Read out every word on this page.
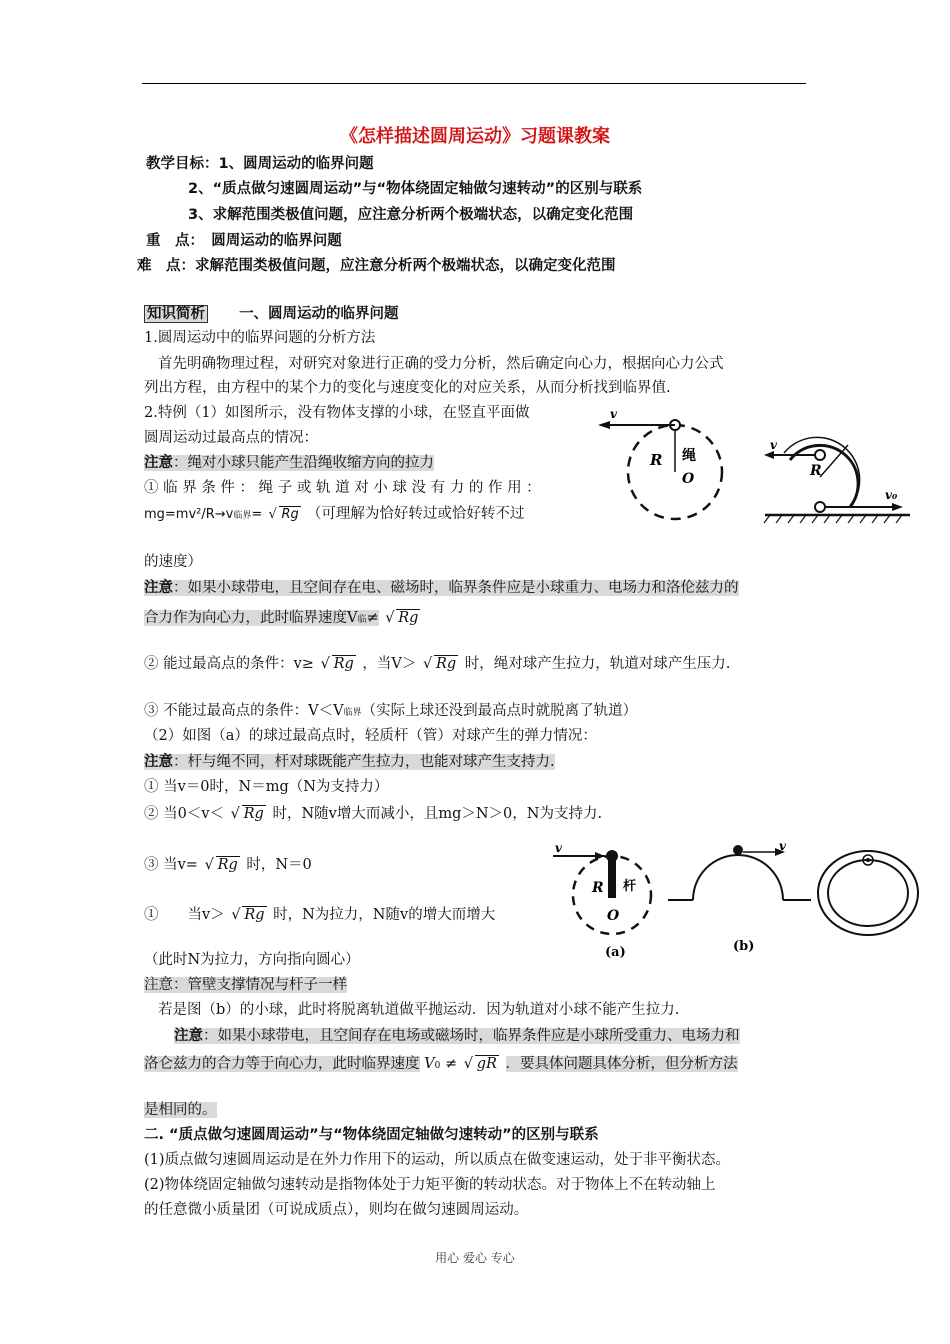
《怎样描述圆周运动》习题课教案
教学目标：1、圆周运动的临界问题
2、“质点做匀速圆周运动”与“物体绕固定轴做匀速转动”的区别与联系
3、求解范围类极值问题，应注意分析两个极端状态，以确定变化范围
重　点：　圆周运动的临界问题
难　点：求解范围类极值问题，应注意分析两个极端状态，以确定变化范围
知识简析 一、圆周运动的临界问题
1.圆周运动中的临界问题的分析方法
首先明确物理过程，对研究对象进行正确的受力分析，然后确定向心力，根据向心力公式
列出方程，由方程中的某个力的变化与速度变化的对应关系，从而分析找到临界值.
2.特例（1）如图所示，没有物体支撑的小球，在竖直平面做
圆周运动过最高点的情况：
注意：绳对小球只能产生沿绳收缩方向的拉力
① 临 界 条 件 ： 绳 子 或 轨 道 对 小 球 没 有 力 的 作 用 ：
mg=mv²/R→v临界= √ Rg （可理解为恰好转过或恰好转不过
的速度）
注意：如果小球带电，且空间存在电、磁场时，临界条件应是小球重力、电场力和洛伦兹力的
合力作为向心力，此时临界速度V临≠ √ Rg
② 能过最高点的条件：v≥ √ Rg ，当V＞ √ Rg 时，绳对球产生拉力，轨道对球产生压力.
③ 不能过最高点的条件：V＜V临界（实际上球还没到最高点时就脱离了轨道）
（2）如图（a）的球过最高点时，轻质杆（管）对球产生的弹力情况：
注意：杆与绳不同，杆对球既能产生拉力，也能对球产生支持力.
① 当v＝0时，N＝mg（N为支持力）
② 当0＜v＜ √ Rg 时，N随v增大而减小，且mg＞N＞0，N为支持力.
③ 当v= √ Rg 时，N＝0
①　　当v＞ √ Rg 时，N为拉力，N随v的增大而增大
（此时N为拉力，方向指向圆心）
注意：管壁支撑情况与杆子一样
若是图（b）的小球，此时将脱离轨道做平抛运动．因为轨道对小球不能产生拉力.
注意：如果小球带电，且空间存在电场或磁场时，临界条件应是小球所受重力、电场力和
洛仑兹力的合力等于向心力，此时临界速度 V0 ≠ √ gR ．要具体问题具体分析，但分析方法
是相同的。
二. “质点做匀速圆周运动”与“物体绕固定轴做匀速转动”的区别与联系
(1)质点做匀速圆周运动是在外力作用下的运动，所以质点在做变速运动，处于非平衡状态。
(2)物体绕固定轴做匀速转动是指物体处于力矩平衡的转动状态。对于物体上不在转动轴上
的任意微小质量团（可说成质点），则均在做匀速圆周运动。
v
R 绳
O
v
R
v₀
v
R 杆
O
(a)
v
(b)
用心 爱心 专心
